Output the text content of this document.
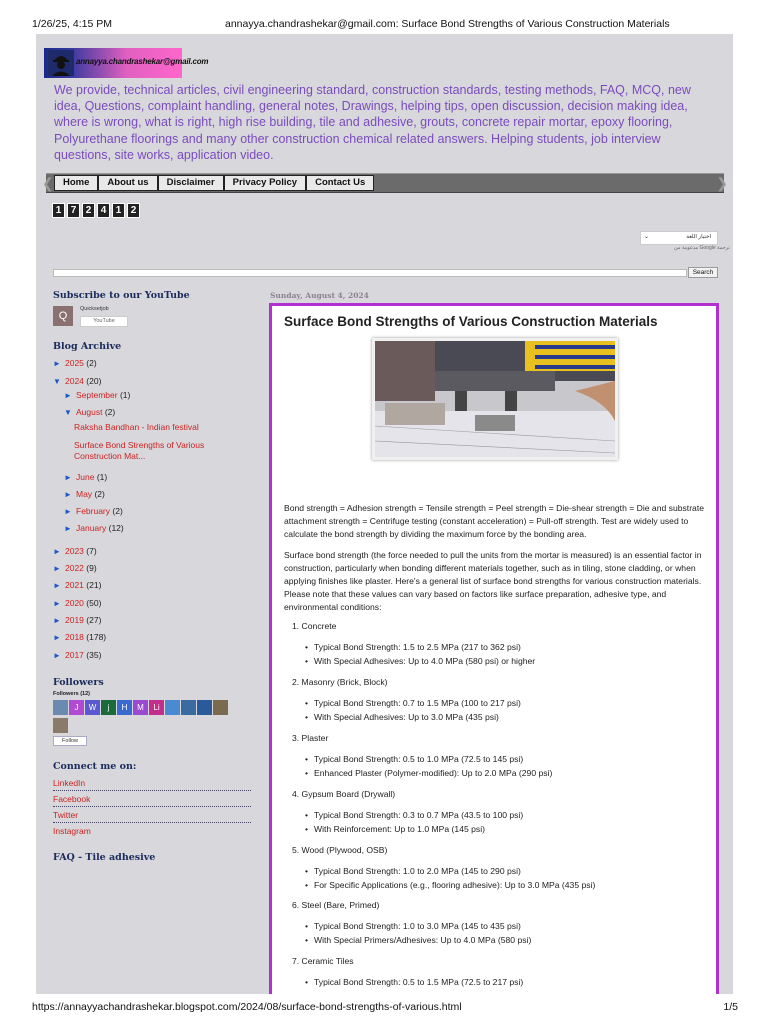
1/26/25, 4:15 PM	annayya.chandrashekar@gmail.com: Surface Bond Strengths of Various Construction Materials
annayya.chandrashekar@gmail.com
We provide, technical articles, civil engineering standard, construction standards, testing methods, FAQ, MCQ, new idea, Questions, complaint handling, general notes, Drawings, helping tips, open discussion, decision making idea, where is wrong, what is right, high rise building, tile and adhesive, grouts, concrete repair mortar, epoxy flooring, Polyurethane floorings and many other construction chemical related answers. Helping students, job interview questions, site works, application video.
❮ Home	About us	Disclaimer	Privacy Policy	Contact Us	❯
1 7 2 4 1 2
⌄	اختيار اللغة
مدعومة من Google ترجمة
Search
Subscribe to our YouTube
Q
Quicksetjob
YouTube
Blog Archive
► 2025 (2)
▼ 2024 (20)
► September (1)
▼ August (2)
Raksha Bandhan - Indian festival
Surface Bond Strengths of Various Construction Mat...
► June (1)
► May (2)
► February (2)
► January (12)
► 2023 (7)
► 2022 (9)
► 2021 (21)
► 2020 (50)
► 2019 (27)
► 2018 (178)
► 2017 (35)
Followers
Followers (12)
J	W	j	H	M	Li
Follow
Connect me on:
LinkedIn
Facebook
Twitter
Instagram
FAQ - Tile adhesive
Sunday, August 4, 2024
Surface Bond Strengths of Various Construction Materials
Bond strength = Adhesion strength = Tensile strength = Peel strength = Die-shear strength = Die and substrate attachment strength = Centrifuge testing (constant acceleration) = Pull-off strength. Test are widely used to calculate the bond strength by dividing the maximum force by the bonding area.
Surface bond strength (the force needed to pull the units from the mortar is measured) is an essential factor in construction, particularly when bonding different materials together, such as in tiling, stone cladding, or when applying finishes like plaster. Here's a general list of surface bond strengths for various construction materials. Please note that these values can vary based on factors like surface preparation, adhesive type, and environmental conditions:
1. Concrete
• Typical Bond Strength: 1.5 to 2.5 MPa (217 to 362 psi)
• With Special Adhesives: Up to 4.0 MPa (580 psi) or higher
2. Masonry (Brick, Block)
• Typical Bond Strength: 0.7 to 1.5 MPa (100 to 217 psi)
• With Special Adhesives: Up to 3.0 MPa (435 psi)
3. Plaster
• Typical Bond Strength: 0.5 to 1.0 MPa (72.5 to 145 psi)
• Enhanced Plaster (Polymer-modified): Up to 2.0 MPa (290 psi)
4. Gypsum Board (Drywall)
• Typical Bond Strength: 0.3 to 0.7 MPa (43.5 to 100 psi)
• With Reinforcement: Up to 1.0 MPa (145 psi)
5. Wood (Plywood, OSB)
• Typical Bond Strength: 1.0 to 2.0 MPa (145 to 290 psi)
• For Specific Applications (e.g., flooring adhesive): Up to 3.0 MPa (435 psi)
6. Steel (Bare, Primed)
• Typical Bond Strength: 1.0 to 3.0 MPa (145 to 435 psi)
• With Special Primers/Adhesives: Up to 4.0 MPa (580 psi)
7. Ceramic Tiles
• Typical Bond Strength: 0.5 to 1.5 MPa (72.5 to 217 psi)
https://annayyachandrashekar.blogspot.com/2024/08/surface-bond-strengths-of-various.html	1/5
